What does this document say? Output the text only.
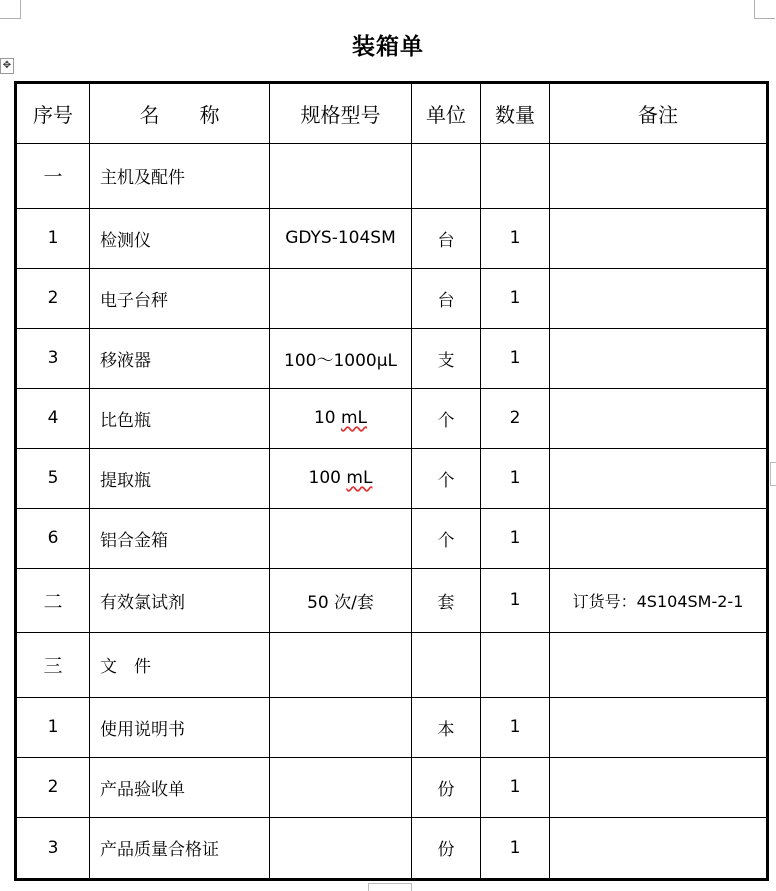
✥
装箱单
序号	名　　称	规格型号	单位	数量	备注
一	主机及配件				
1	检测仪	GDYS-104SM	台	1	
2	电子台秤		台	1	
3	移液器	100～1000μL	支	1	
4	比色瓶	10 mL	个	2	
5	提取瓶	100 mL	个	1	
6	铝合金箱		个	1	
二	有效氯试剂	50 次/套	套	1	订货号：4S104SM-2-1
三	文　件				
1	使用说明书		本	1	
2	产品验收单		份	1	
3	产品质量合格证		份	1	
